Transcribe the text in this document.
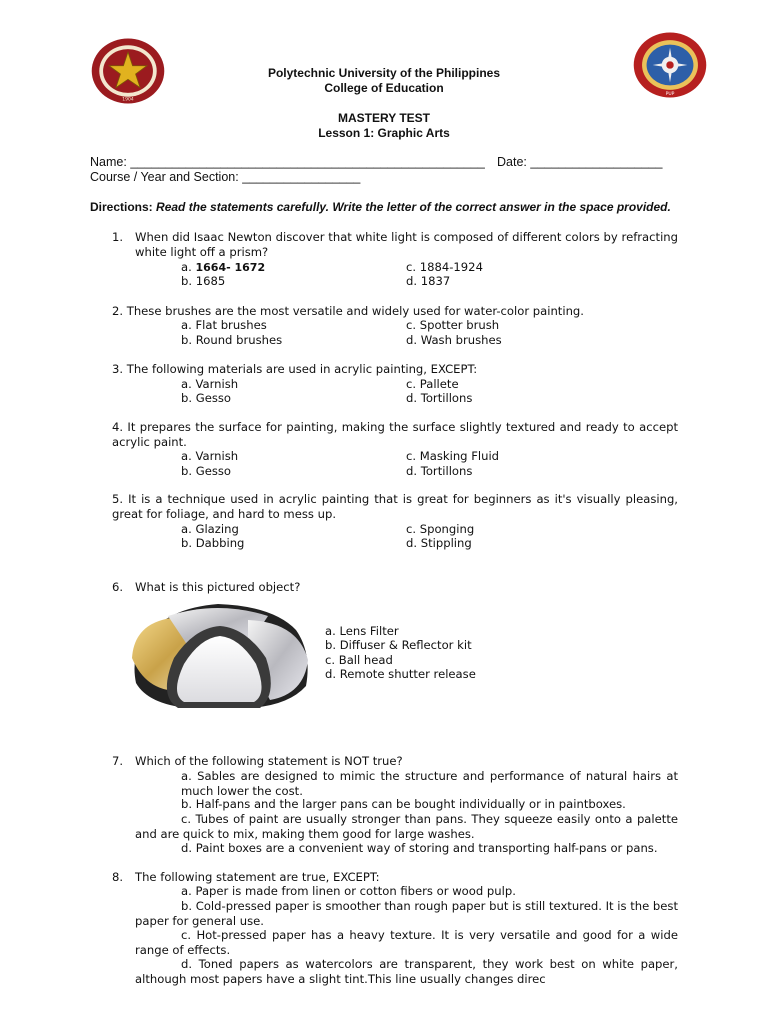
1904
PUP
Polytechnic University of the Philippines
College of Education
MASTERY TEST
Lesson 1: Graphic Arts
Name: ___________________________________________________ Date: ___________________
Course / Year and Section: _________________
Directions: Read the statements carefully. Write the letter of the correct answer in the space provided.
1. When did Isaac Newton discover that white light is composed of different colors by refracting white light off a prism?
a. 1664- 1672
b. 1685
c. 1884-1924
d. 1837
2. These brushes are the most versatile and widely used for water-color painting.
a. Flat brushes
b. Round brushes
c. Spotter brush
d. Wash brushes
3. The following materials are used in acrylic painting, EXCEPT:
a. Varnish
b. Gesso
c. Pallete
d. Tortillons
4. It prepares the surface for painting, making the surface slightly textured and ready to accept acrylic paint.
a. Varnish
b. Gesso
c. Masking Fluid
d. Tortillons
5. It is a technique used in acrylic painting that is great for beginners as it's visually pleasing, great for foliage, and hard to mess up.
a. Glazing
b. Dabbing
c. Sponging
d. Stippling
6. What is this pictured object?
a. Lens Filter
b. Diffuser & Reflector kit
c. Ball head
d. Remote shutter release
7. Which of the following statement is NOT true?
a. Sables are designed to mimic the structure and performance of natural hairs at much lower the cost.
b. Half-pans and the larger pans can be bought individually or in paintboxes.
c. Tubes of paint are usually stronger than pans. They squeeze easily onto a palette and are quick to mix, making them good for large washes.
d. Paint boxes are a convenient way of storing and transporting half-pans or pans.
8. The following statement are true, EXCEPT:
a. Paper is made from linen or cotton fibers or wood pulp.
b. Cold-pressed paper is smoother than rough paper but is still textured. It is the best paper for general use.
c. Hot-pressed paper has a heavy texture. It is very versatile and good for a wide range of effects.
d. Toned papers as watercolors are transparent, they work best on white paper, although most papers have a slight tint.This line usually changes direc
